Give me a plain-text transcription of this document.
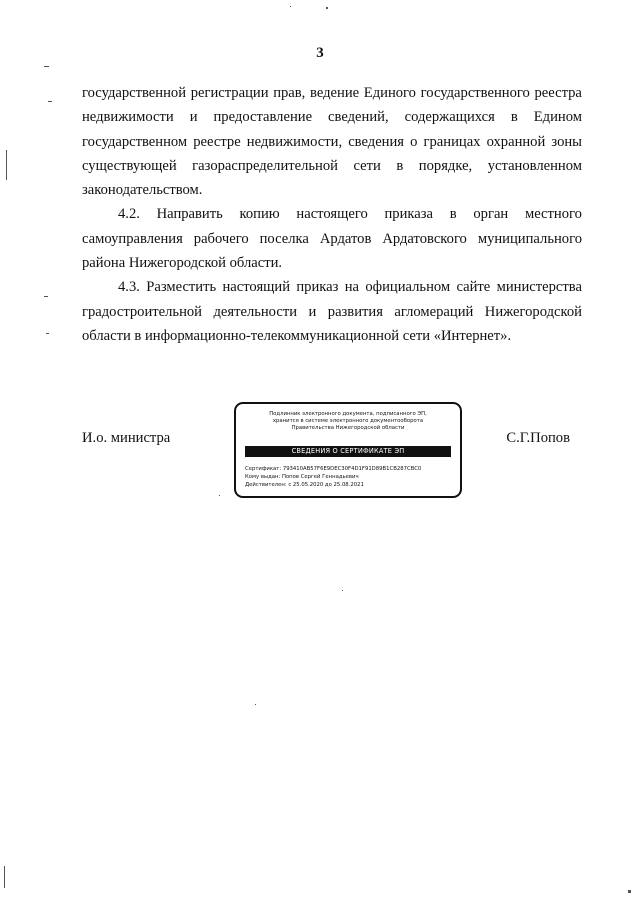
3
государственной регистрации прав, ведение Единого государственного реестра
недвижимости и предоставление сведений, содержащихся в Едином
государственном реестре недвижимости, сведения о границах охранной зоны
существующей газораспределительной сети в порядке, установленном
законодательством.
4.2. Направить копию настоящего приказа в орган местного
самоуправления рабочего поселка Ардатов Ардатовского муниципального
района Нижегородской области.
4.3. Разместить настоящий приказ на официальном сайте министерства
градостроительной деятельности и развития агломераций Нижегородской
области в информационно-телекоммуникационной сети «Интернет».
И.о. министра	С.Г.Попов
Подлинник электронного документа, подписанного ЭП,
хранится в системе электронного документооборота
Правительства Нижегородской области
СВЕДЕНИЯ О СЕРТИФИКАТЕ ЭП
Сертификат: 793410AB57F6E9DEC30F4D1F91D89B1CB287CBC0
Кому выдан: Попов Сергей Геннадьевич
Действителен: с 25.05.2020 до 25.08.2021
